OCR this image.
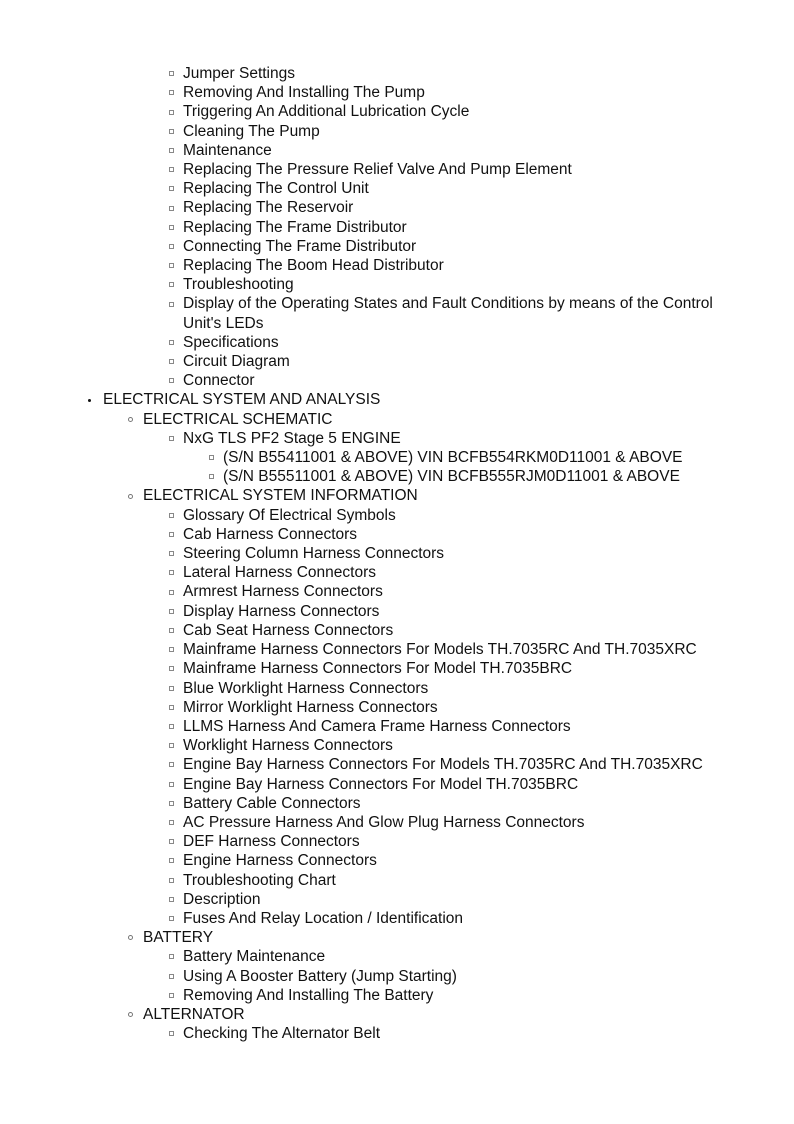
Jumper Settings
Removing And Installing The Pump
Triggering An Additional Lubrication Cycle
Cleaning The Pump
Maintenance
Replacing The Pressure Relief Valve And Pump Element
Replacing The Control Unit
Replacing The Reservoir
Replacing The Frame Distributor
Connecting The Frame Distributor
Replacing The Boom Head Distributor
Troubleshooting
Display of the Operating States and Fault Conditions by means of the Control Unit's LEDs
Specifications
Circuit Diagram
Connector
ELECTRICAL SYSTEM AND ANALYSIS
ELECTRICAL SCHEMATIC
NxG TLS PF2 Stage 5 ENGINE
(S/N B55411001 & ABOVE) VIN BCFB554RKM0D11001 & ABOVE
(S/N B55511001 & ABOVE) VIN BCFB555RJM0D11001 & ABOVE
ELECTRICAL SYSTEM INFORMATION
Glossary Of Electrical Symbols
Cab Harness Connectors
Steering Column Harness Connectors
Lateral Harness Connectors
Armrest Harness Connectors
Display Harness Connectors
Cab Seat Harness Connectors
Mainframe Harness Connectors For Models TH.7035RC And TH.7035XRC
Mainframe Harness Connectors For Model TH.7035BRC
Blue Worklight Harness Connectors
Mirror Worklight Harness Connectors
LLMS Harness And Camera Frame Harness Connectors
Worklight Harness Connectors
Engine Bay Harness Connectors For Models TH.7035RC And TH.7035XRC
Engine Bay Harness Connectors For Model TH.7035BRC
Battery Cable Connectors
AC Pressure Harness And Glow Plug Harness Connectors
DEF Harness Connectors
Engine Harness Connectors
Troubleshooting Chart
Description
Fuses And Relay Location / Identification
BATTERY
Battery Maintenance
Using A Booster Battery (Jump Starting)
Removing And Installing The Battery
ALTERNATOR
Checking The Alternator Belt
